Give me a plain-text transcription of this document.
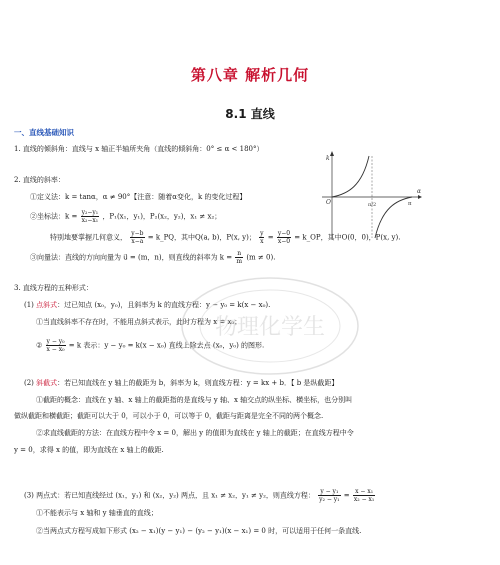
第八章 解析几何
8.1 直线
一、直线基础知识
1. 直线的倾斜角：直线与 x 轴正半轴所夹角（直线的倾斜角：0° ≤ α < 180°）
2. 直线的斜率：
①定义法：k = tanα，α ≠ 90°【注意：随着α变化，k 的变化过程】
②坐标法：$k = \frac{\text{y₂−y₁}}{\text{x₂−x₁}}$ ，P₁(x₁，y₁)，P₂(x₂，y₂)，x₁ ≠ x₂；
特别地要掌握几何意义， $\frac{y-b}{x-a}$ = k_PQ，其中Q(a, b)，P(x, y)； $\frac{y}{x} = \frac{y-0}{x-0}$ = k_OP，其中O(0，0)，P(x, y).
③向量法：直线的方向向量为 u⃗ = (m，n)，则直线的斜率为 $k = \frac{n}{m} (m \ne 0)$.
3. 直线方程的五种形式：
(1) 点斜式：过已知点 (x₀，y₀)，且斜率为 k 的直线方程：y − y₀ = k(x − x₀).
①当直线斜率不存在时，不能用点斜式表示，此时方程为 x = x₀；
② $\frac{\text{y − y₀}}{\text{x − x₀}} = k$ 表示：y − y₀ = k(x − x₀) 直线上除去点 (x₀，y₀) 的图形.
(2) 斜截式：若已知直线在 y 轴上的截距为 b，斜率为 k，则直线方程：y = kx + b．【 b 是纵截距】
①截距的概念：直线在 y 轴、x 轴上的截距指的是直线与 y 轴、x 轴交点的纵坐标、横坐标，也分别叫
做纵截距和横截距；截距可以大于 0，可以小于 0，可以等于 0，截距与距离是完全不同的两个概念.
②求直线截距的方法：在直线方程中令 x = 0，解出 y 的值即为直线在 y 轴上的截距；在直线方程中令
y = 0，求得 x 的值，即为直线在 x 轴上的截距.
(3) 两点式：若已知直线经过 (x₁，y₁) 和 (x₂，y₂) 两点，且 x₁ ≠ x₂，y₁ ≠ y₂，则直线方程： $\frac{\text{y − y₁}}{\text{y₂ − y₁}} = \frac{\text{x − x₁}}{\text{x₂ − x₁}}$
①不能表示与 x 轴和 y 轴垂直的直线；
②当两点式方程写成如下形式 (x₂ − x₁)(y − y₁) − (y₂ − y₁)(x − x₁) = 0 时，可以适用于任何一条直线.
k
O	π/2	π
α
物理化学生
